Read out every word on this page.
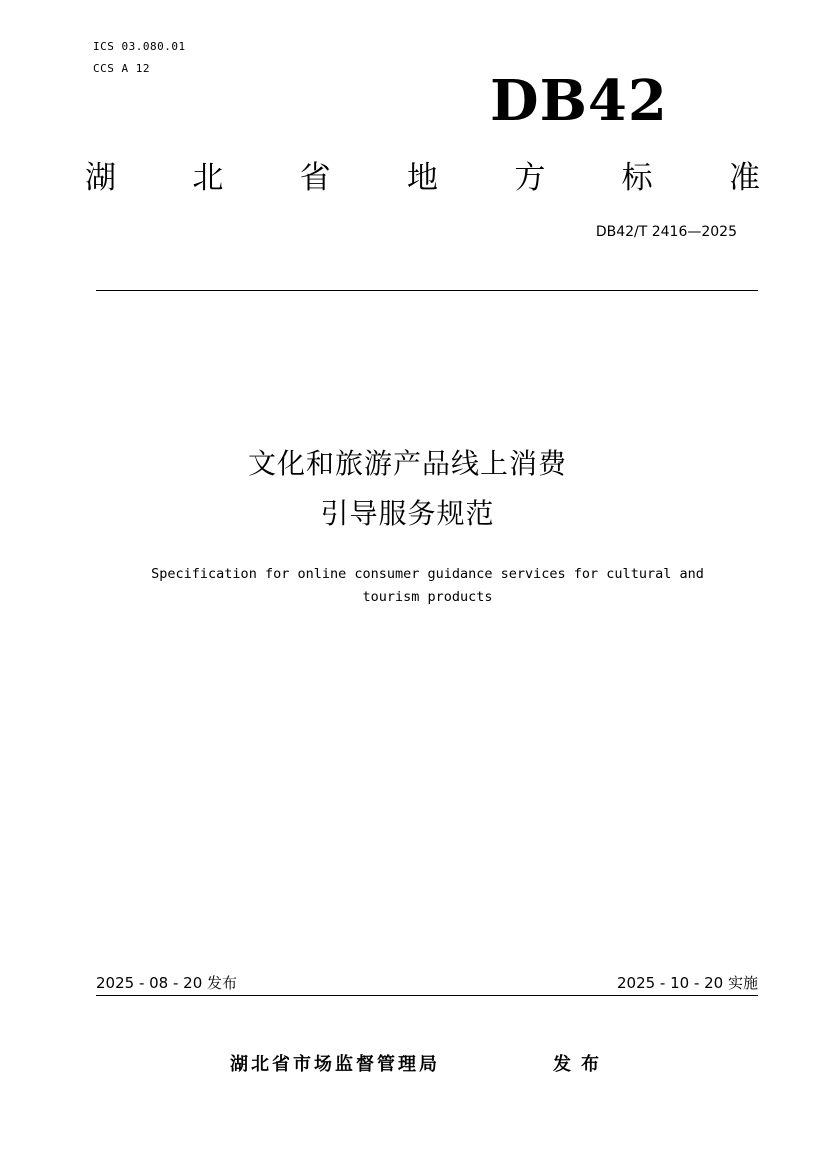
ICS 03.080.01
CCS A 12	DB42
湖 北 省 地 方 标 准
DB42/T 2416—2025
文化和旅游产品线上消费
引导服务规范
Specification for online consumer guidance services for cultural and
tourism products
2025 - 08 - 20 发布	2025 - 10 - 20 实施
湖北省市场监督管理局	发布
